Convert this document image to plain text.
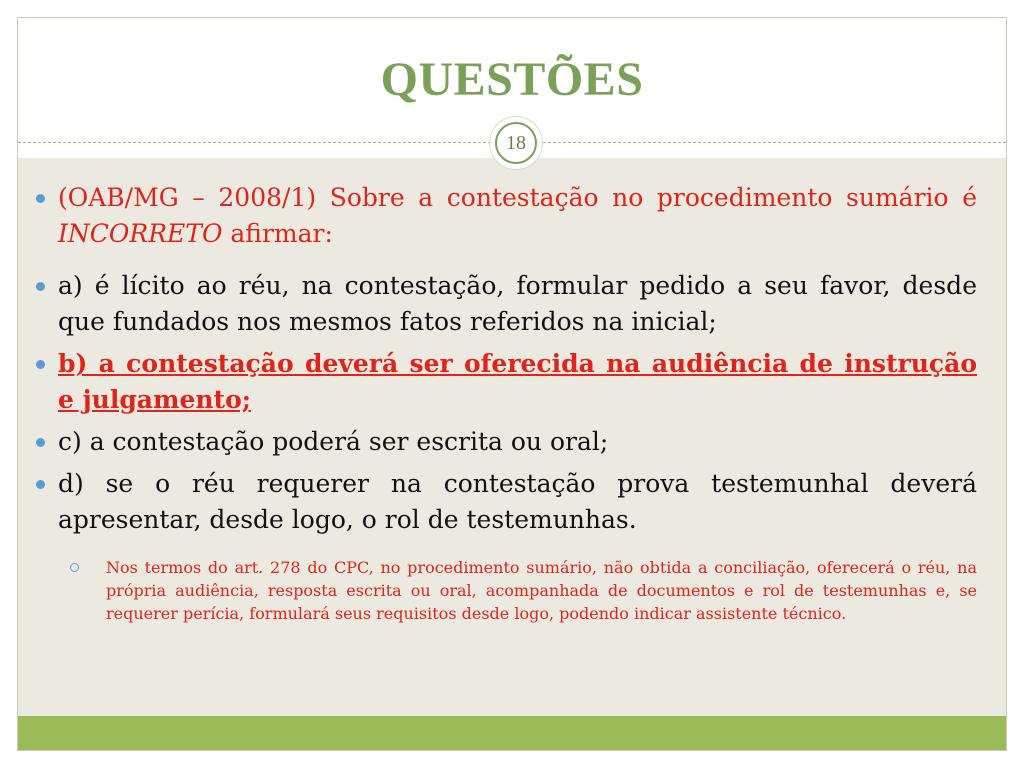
QUESTÕES
18
(OAB/MG – 2008/1) Sobre a contestação no procedimento sumário é INCORRETO afirmar:
a) é lícito ao réu, na contestação, formular pedido a seu favor, desde que fundados nos mesmos fatos referidos na inicial;
b) a contestação deverá ser oferecida na audiência de instrução e julgamento;
c) a contestação poderá ser escrita ou oral;
d) se o réu requerer na contestação prova testemunhal deverá apresentar, desde logo, o rol de testemunhas.
Nos termos do art. 278 do CPC, no procedimento sumário, não obtida a conciliação, oferecerá o réu, na própria audiência, resposta escrita ou oral, acompanhada de documentos e rol de testemunhas e, se requerer perícia, formulará seus requisitos desde logo, podendo indicar assistente técnico.
